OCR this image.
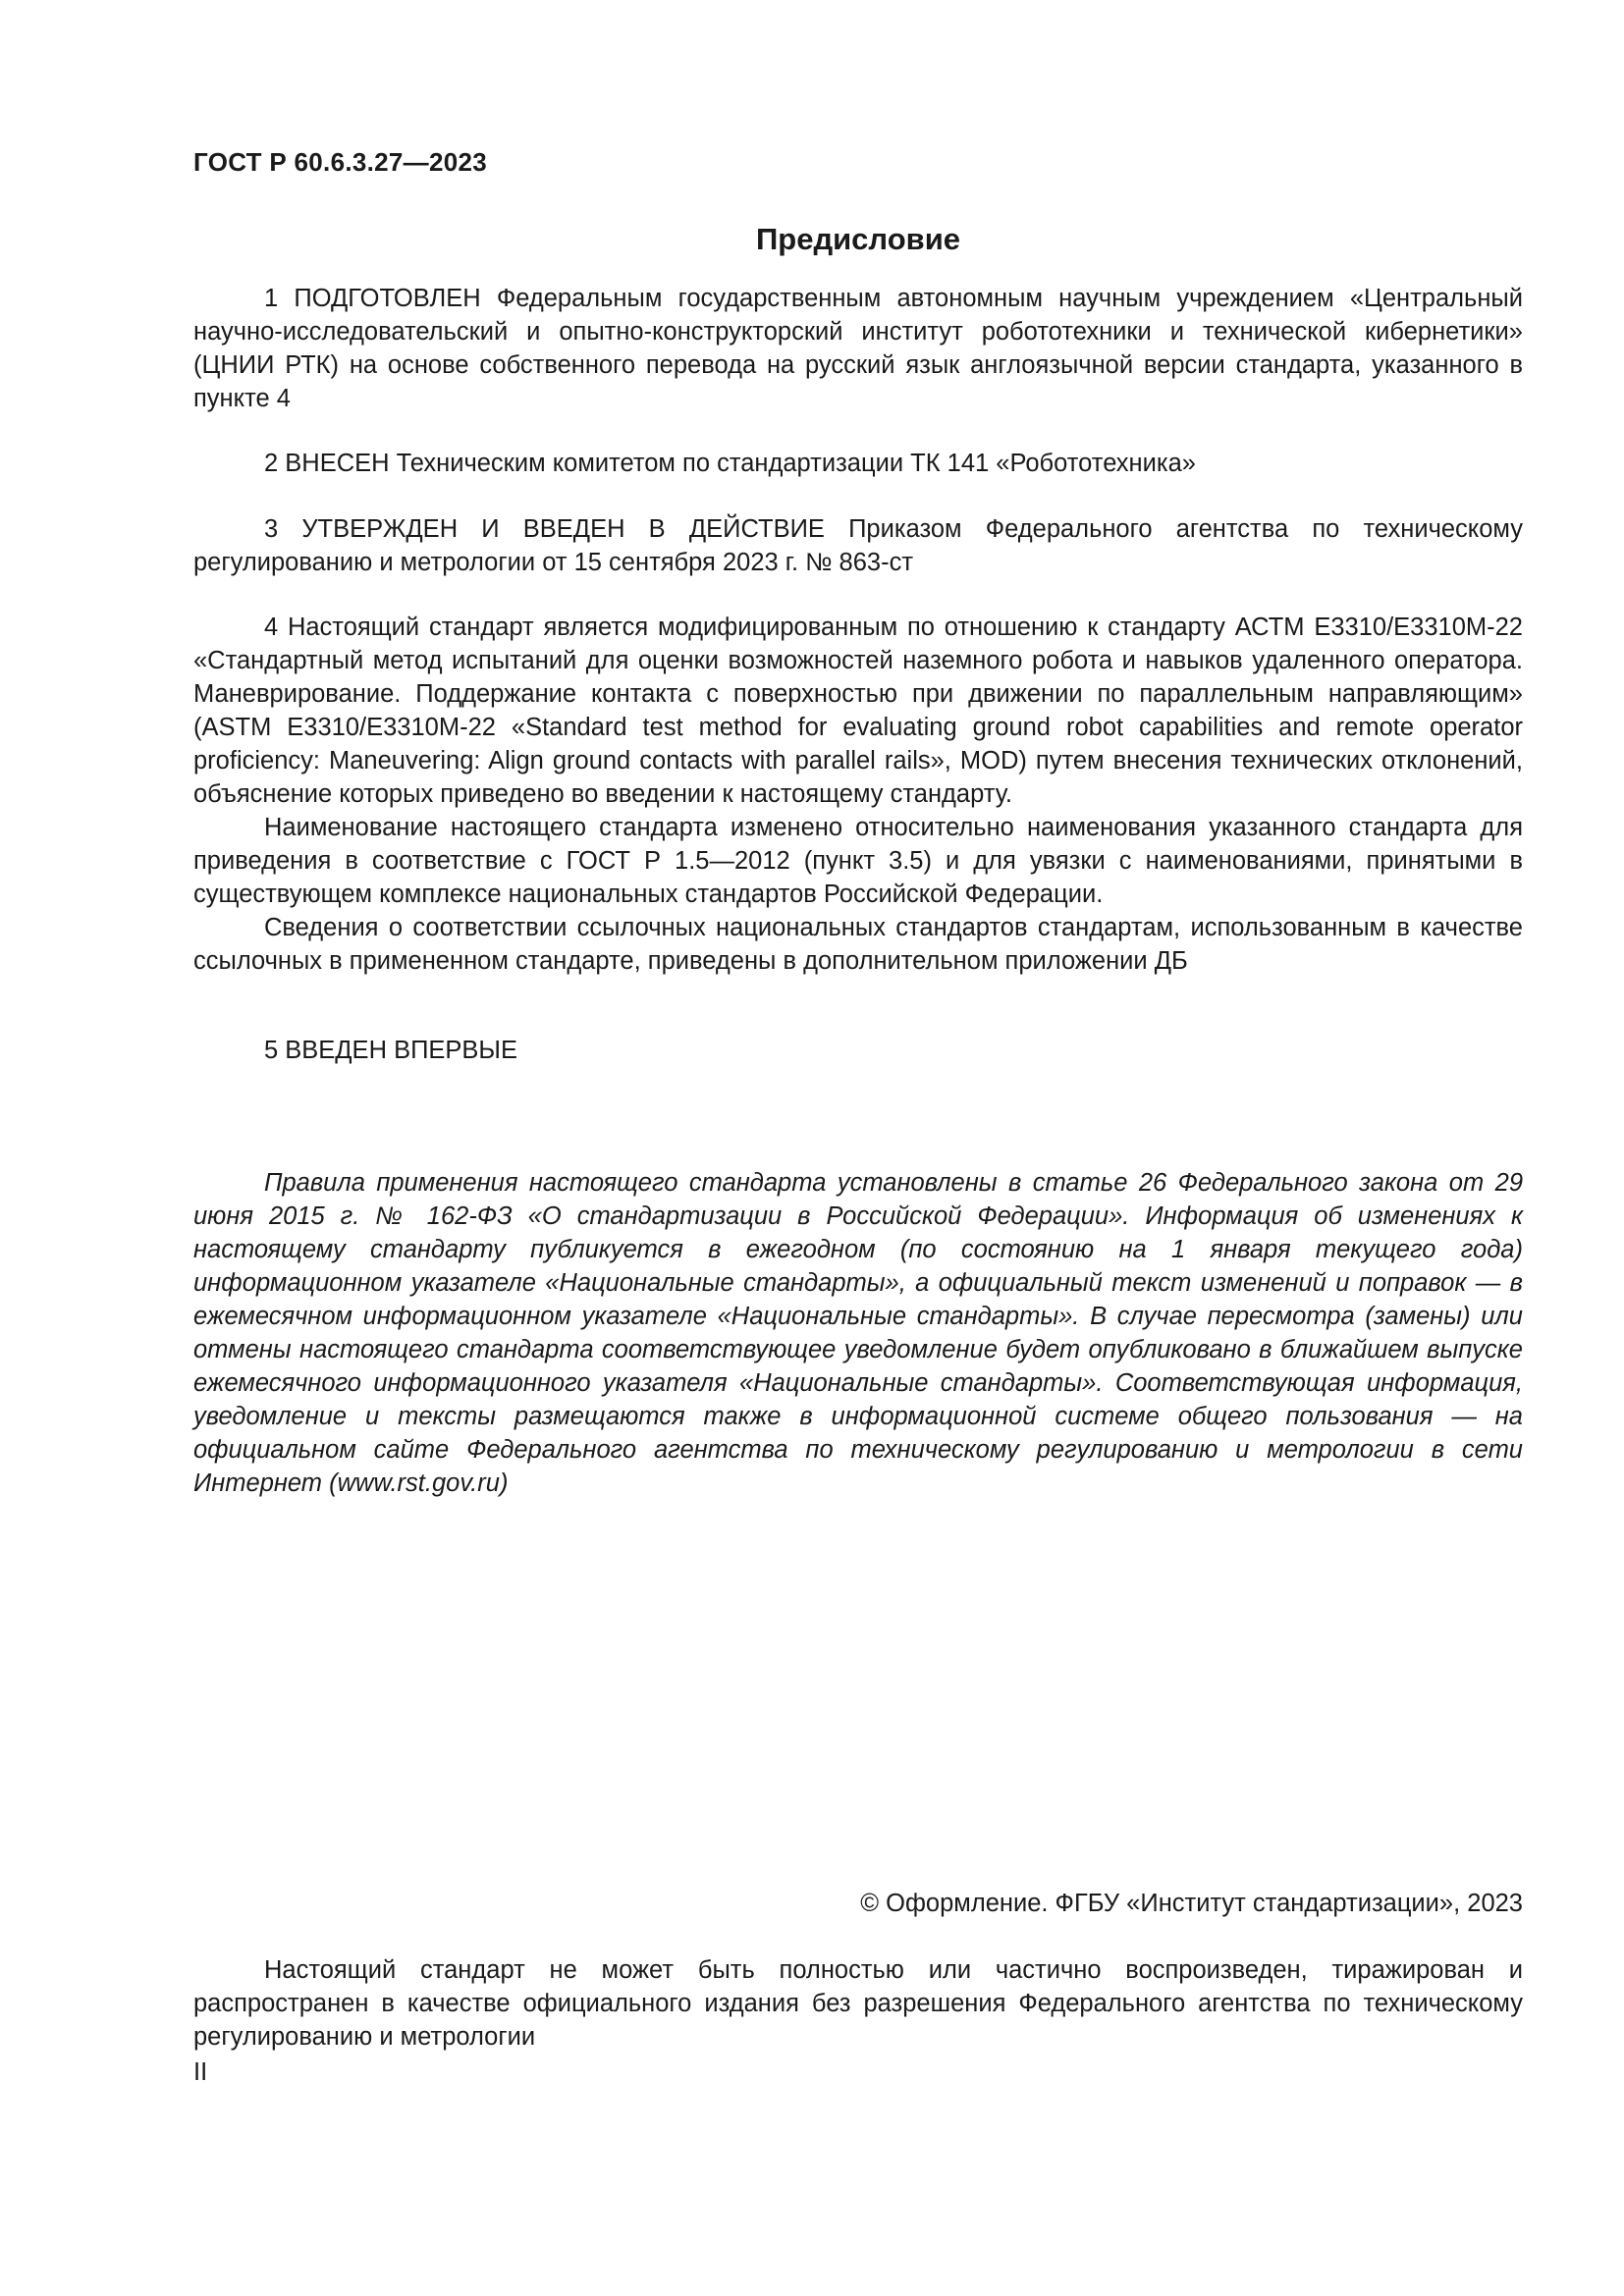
ГОСТ Р 60.6.3.27—2023
Предисловие

1 ПОДГОТОВЛЕН Федеральным государственным автономным научным учреждением «Центральный научно-исследовательский и опытно-конструкторский институт робототехники и технической кибернетики» (ЦНИИ РТК) на основе собственного перевода на русский язык англоязычной версии стандарта, указанного в пункте 4

2 ВНЕСЕН Техническим комитетом по стандартизации ТК 141 «Робототехника»

3 УТВЕРЖДЕН И ВВЕДЕН В ДЕЙСТВИЕ Приказом Федерального агентства по техническому регулированию и метрологии от 15 сентября 2023 г. № 863-ст

4 Настоящий стандарт является модифицированным по отношению к стандарту АСТМ Е3310/Е3310М-22 «Стандартный метод испытаний для оценки возможностей наземного робота и навыков удаленного оператора. Маневрирование. Поддержание контакта с поверхностью при движении по параллельным направляющим» (ASTM E3310/E3310M-22 «Standard test method for evaluating ground robot capabilities and remote operator proficiency: Maneuvering: Align ground contacts with parallel rails», MOD) путем внесения технических отклонений, объяснение которых приведено во введении к настоящему стандарту.

Наименование настоящего стандарта изменено относительно наименования указанного стандарта для приведения в соответствие с ГОСТ Р 1.5—2012 (пункт 3.5) и для увязки с наименованиями, принятыми в существующем комплексе национальных стандартов Российской Федерации.

Сведения о соответствии ссылочных национальных стандартов стандартам, использованным в качестве ссылочных в примененном стандарте, приведены в дополнительном приложении ДБ

5 ВВЕДЕН ВПЕРВЫЕ

Правила применения настоящего стандарта установлены в статье 26 Федерального закона от 29 июня 2015 г. № 162-ФЗ «О стандартизации в Российской Федерации». Информация об изменениях к настоящему стандарту публикуется в ежегодном (по состоянию на 1 января текущего года) информационном указателе «Национальные стандарты», а официальный текст изменений и поправок — в ежемесячном информационном указателе «Национальные стандарты». В случае пересмотра (замены) или отмены настоящего стандарта соответствующее уведомление будет опубликовано в ближайшем выпуске ежемесячного информационного указателя «Национальные стандарты». Соответствующая информация, уведомление и тексты размещаются также в информационной системе общего пользования — на официальном сайте Федерального агентства по техническому регулированию и метрологии в сети Интернет (www.rst.gov.ru)

© Оформление. ФГБУ «Институт стандартизации», 2023

Настоящий стандарт не может быть полностью или частично воспроизведен, тиражирован и распространен в качестве официального издания без разрешения Федерального агентства по техническому регулированию и метрологии

II
